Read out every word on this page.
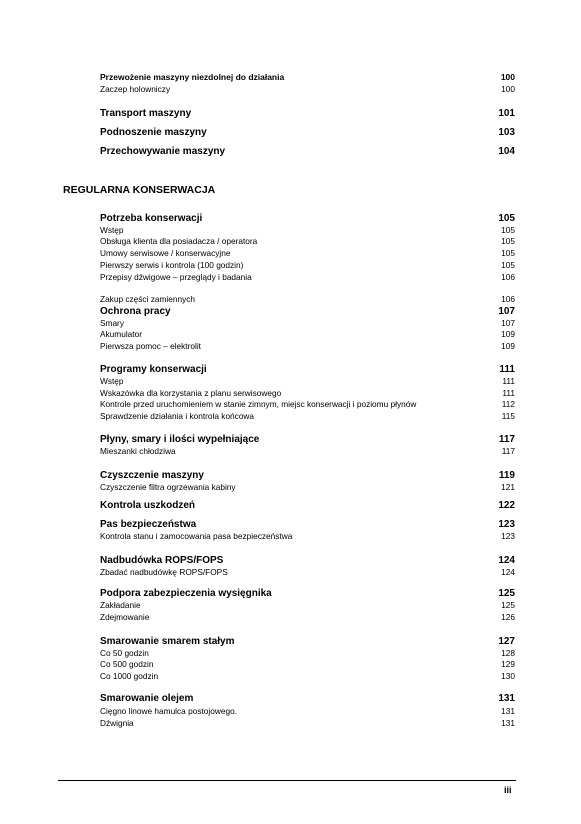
Przewożenie maszyny niezdolnej do działania	100
Zaczep holowniczy	100
Transport maszyny	101
Podnoszenie maszyny	103
Przechowywanie maszyny	104
REGULARNA KONSERWACJA
Potrzeba konserwacji	105
Wstęp	105
Obsługa klienta dla posiadacza / operatora	105
Umowy serwisowe / konserwacyjne	105
Pierwszy serwis i kontrola (100 godzin)	105
Przepisy dźwigowe – przeglądy i badania	106
Zakup części zamiennych	106
Ochrona pracy	107
Smary	107
Akumulator	109
Pierwsza pomoc – elektrolit	109
Programy konserwacji	111
Wstęp	111
Wskazówka dla korzystania z planu serwisowego	111
Kontrole przed uruchomieniem w stanie zimnym, miejsc konserwacji i poziomu płynów	112
Sprawdzenie działania i kontrola końcowa	115
Płyny, smary i ilości wypełniające	117
Mieszanki chłodziwa	117
Czyszczenie maszyny	119
Czyszczenie filtra ogrzewania kabiny	121
Kontrola uszkodzeń	122
Pas bezpieczeństwa	123
Kontrola stanu i zamocowania pasa bezpieczeństwa	123
Nadbudówka ROPS/FOPS	124
Zbadać nadbudówkę ROPS/FOPS	124
Podpora zabezpieczenia wysięgnika	125
Zakładanie	125
Zdejmowanie	126
Smarowanie smarem stałym	127
Co 50 godzin	128
Co 500 godzin	129
Co 1000 godzin	130
Smarowanie olejem	131
Cięgno linowe hamulca postojowego.	131
Dźwignia	131
iii
